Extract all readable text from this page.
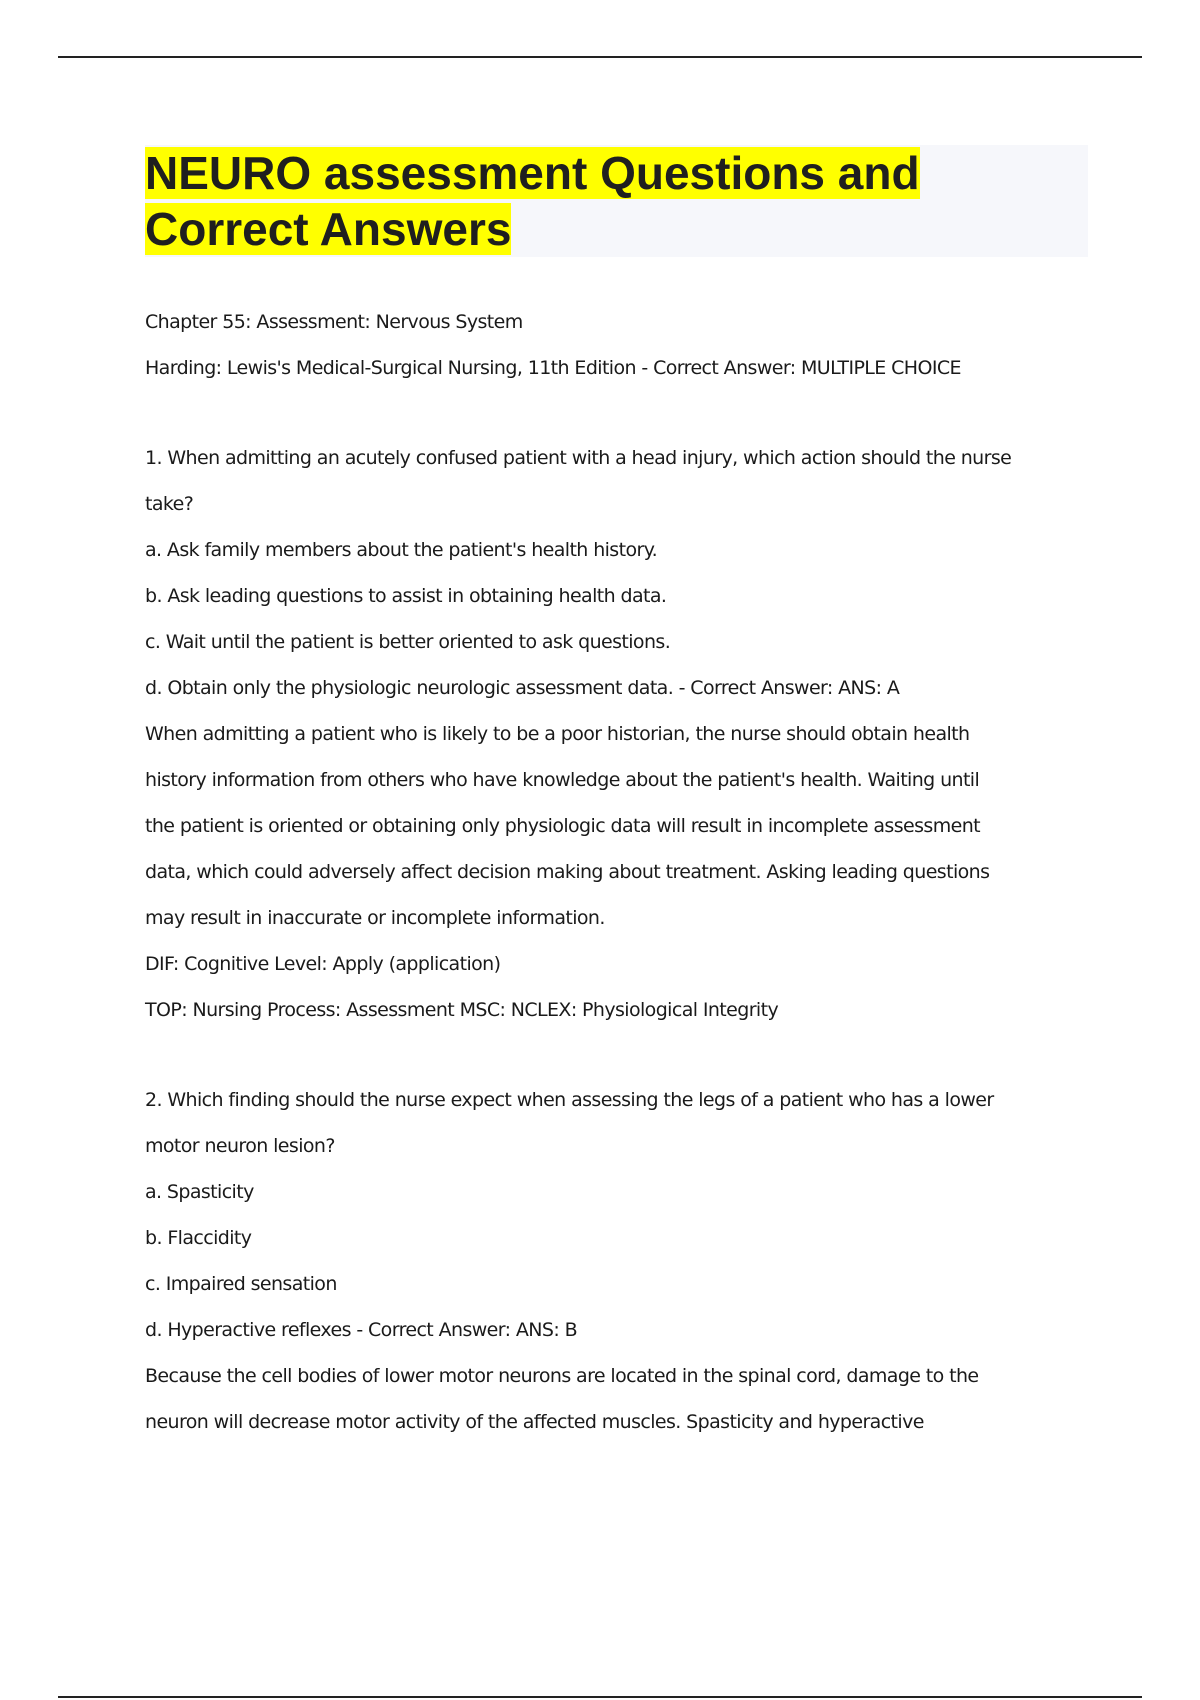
NEURO assessment Questions and
Correct Answers

Chapter 55: Assessment: Nervous System

Harding: Lewis's Medical-Surgical Nursing, 11th Edition - Correct Answer: MULTIPLE CHOICE

1. When admitting an acutely confused patient with a head injury, which action should the nurse

take?

a. Ask family members about the patient's health history.

b. Ask leading questions to assist in obtaining health data.

c. Wait until the patient is better oriented to ask questions.

d. Obtain only the physiologic neurologic assessment data. - Correct Answer: ANS: A

When admitting a patient who is likely to be a poor historian, the nurse should obtain health

history information from others who have knowledge about the patient's health. Waiting until

the patient is oriented or obtaining only physiologic data will result in incomplete assessment

data, which could adversely affect decision making about treatment. Asking leading questions

may result in inaccurate or incomplete information.

DIF: Cognitive Level: Apply (application)

TOP: Nursing Process: Assessment MSC: NCLEX: Physiological Integrity

2. Which finding should the nurse expect when assessing the legs of a patient who has a lower

motor neuron lesion?

a. Spasticity

b. Flaccidity

c. Impaired sensation

d. Hyperactive reflexes - Correct Answer: ANS: B

Because the cell bodies of lower motor neurons are located in the spinal cord, damage to the

neuron will decrease motor activity of the affected muscles. Spasticity and hyperactive
